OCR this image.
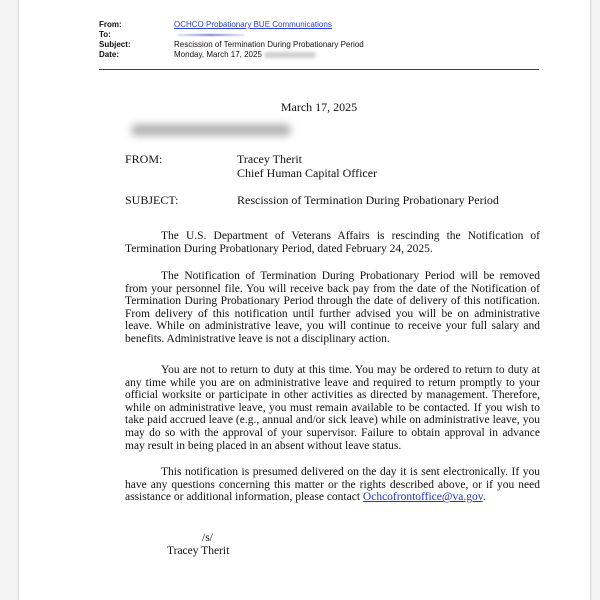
From:	OCHCO Probationary BUE Communications
To:
Subject:	Rescission of Termination During Probationary Period
Date:	Monday, March 17, 2025
March 17, 2025
FROM:	Tracey Therit
Chief Human Capital Officer
SUBJECT:	Rescission of Termination During Probationary Period
The U.S. Department of Veterans Affairs is rescinding the Notification of Termination During Probationary Period, dated February 24, 2025.
The Notification of Termination During Probationary Period will be removed from your personnel file. You will receive back pay from the date of the Notification of Termination During Probationary Period through the date of delivery of this notification. From delivery of this notification until further advised you will be on administrative leave. While on administrative leave, you will continue to receive your full salary and benefits. Administrative leave is not a disciplinary action.
You are not to return to duty at this time. You may be ordered to return to duty at any time while you are on administrative leave and required to return promptly to your official worksite or participate in other activities as directed by management. Therefore, while on administrative leave, you must remain available to be contacted. If you wish to take paid accrued leave (e.g., annual and/or sick leave) while on administrative leave, you may do so with the approval of your supervisor. Failure to obtain approval in advance may result in being placed in an absent without leave status.
This notification is presumed delivered on the day it is sent electronically. If you have any questions concerning this matter or the rights described above, or if you need assistance or additional information, please contact Ochcofrontoffice@va.gov.
/s/
Tracey Therit
